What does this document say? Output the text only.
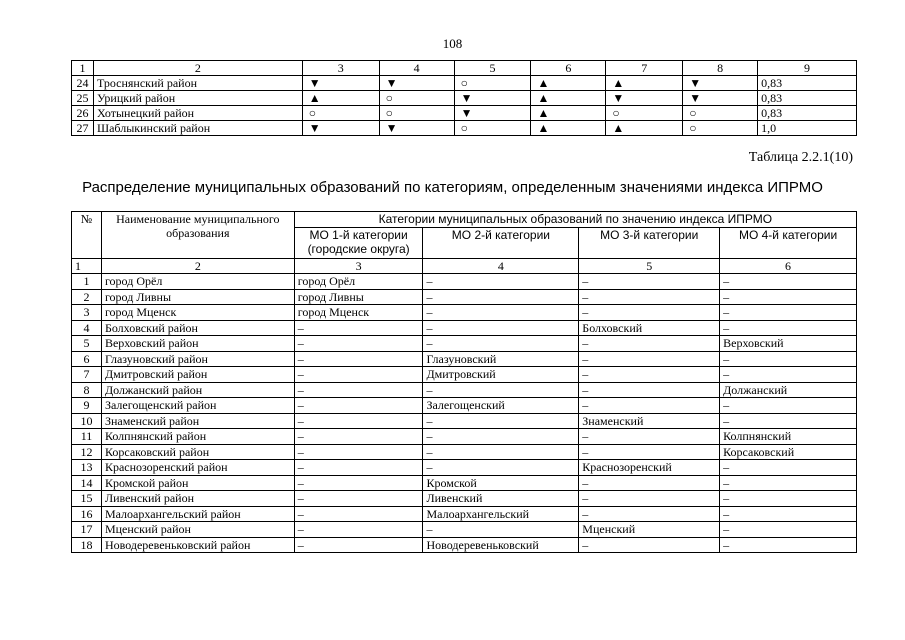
108
1	2	3	4	5	6	7	8	9
24	Троснянский район	▼	▼	○	▲	▲	▼	0,83
25	Урицкий район	▲	○	▼	▲	▼	▼	0,83
26	Хотынецкий район	○	○	▼	▲	○	○	0,83
27	Шаблыкинский район	▼	▼	○	▲	▲	○	1,0
Таблица 2.2.1(10)
Распределение муниципальных образований по категориям, определенным значениями индекса ИПРМО
№	Наименование муниципального образования	Категории муниципальных образований по значению индекса ИПРМО			
		МО 1-й категории (городские округа)	МО 2-й категории	МО 3-й категории	МО 4-й категории
1	2	3	4	5	6
1	город Орёл	город Орёл	–	–	–
2	город Ливны	город Ливны	–	–	–
3	город Мценск	город Мценск	–	–	–
4	Болховский район	–	–	Болховский	–
5	Верховский район	–	–	–	Верховский
6	Глазуновский район	–	Глазуновский	–	–
7	Дмитровский район	–	Дмитровский	–	–
8	Должанский район	–	–	–	Должанский
9	Залегощенский район	–	Залегощенский	–	–
10	Знаменский район	–	–	Знаменский	–
11	Колпнянский район	–	–	–	Колпнянский
12	Корсаковский район	–	–	–	Корсаковский
13	Краснозоренский район	–	–	Краснозоренский	–
14	Кромской район	–	Кромской	–	–
15	Ливенский район	–	Ливенский	–	–
16	Малоархангельский район	–	Малоархангельский	–	–
17	Мценский район	–	–	Мценский	–
18	Новодеревеньковский район	–	Новодеревеньковский	–	–
